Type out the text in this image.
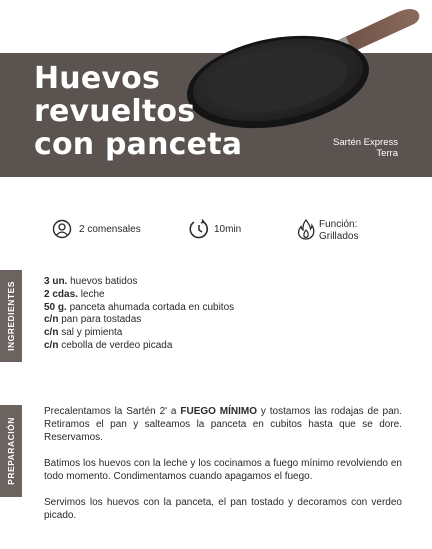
Huevos
revueltos
con panceta	Sartén Express
Terra
2 comensales	10min	Función:
Grillados
INGREDIENTES	3 un. huevos batidos
2 cdas. leche
50 g. panceta ahumada cortada en cubitos
c/n pan para tostadas
c/n sal y pimienta
c/n cebolla de verdeo picada
PREPARACIÓN

Precalentamos la Sartén 2' a FUEGO MÍNIMO y tostamos las rodajas de pan. Retiramos el pan y salteamos la panceta en cubitos hasta que se dore. Reservamos.

Batimos los huevos con la leche y los cocinamos a fuego mínimo revolviendo en todo momento. Condimentamos cuando apagamos el fuego.

Servimos los huevos con la panceta, el pan tostado y decoramos con verdeo picado.
